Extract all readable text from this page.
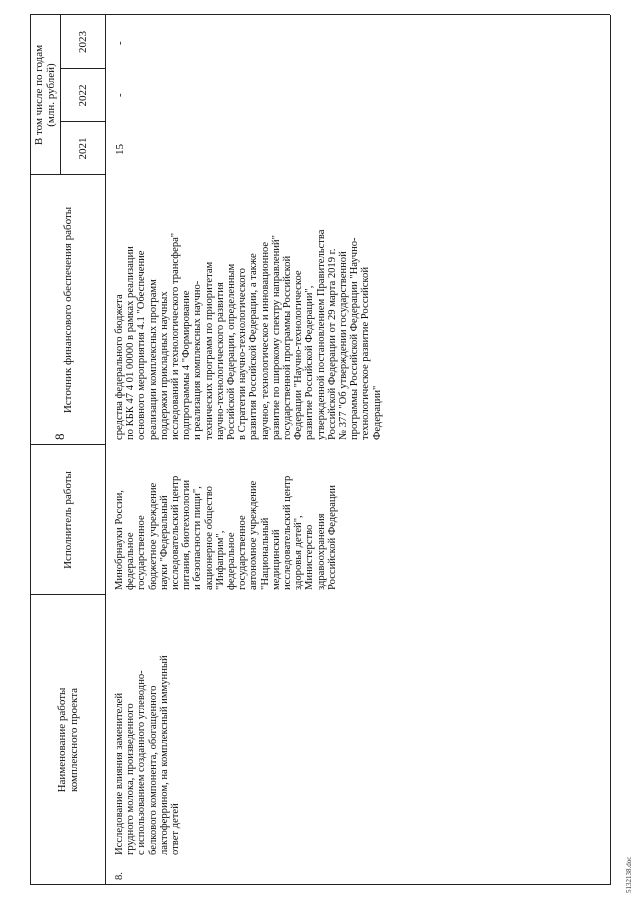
8
5132138.doc
Наименование работы
комплексного проекта
Исполнитель работы
Источник финансового обеспечения работы
В том числе по годам
(млн. рублей)
2021
2022
2023
8.
Исследование влияния заменителей
грудного молока, произведенного
с использованием созданного углеводно-
белкового компонента, обогащенного
лактоферрином, на комплексный иммунный
ответ детей
Минобрнауки России,
федеральное
государственное
бюджетное учреждение
науки "Федеральный
исследовательский центр
питания, биотехнологии
и безопасности пищи",
акционерное общество
"Инфаприм",
федеральное
государственное
автономное учреждение
"Национальный
медицинский
исследовательский центр
здоровья детей",
Министерство
здравоохранения
Российской Федерации
средства федерального бюджета
по КБК 47 4 01 00000 в рамках реализации
основного мероприятия 4.1 "Обеспечение
реализации комплексных программ
поддержки прикладных научных
исследований и технологического трансфера"
подпрограммы 4 "Формирование
и реализация комплексных научно-
технических программ по приоритетам
научно-технологического развития
Российской Федерации, определенным
в Стратегии научно-технологического
развития Российской Федерации, а также
научное, технологическое и инновационное
развитие по широкому спектру направлений"
государственной программы Российской
Федерации "Научно-технологическое
развитие Российской Федерации",
утвержденной постановлением Правительства
Российской Федерации от 29 марта 2019 г.
№ 377 "Об утверждении государственной
программы Российской Федерации "Научно-
технологическое развитие Российской
Федерации"
15
-
-
